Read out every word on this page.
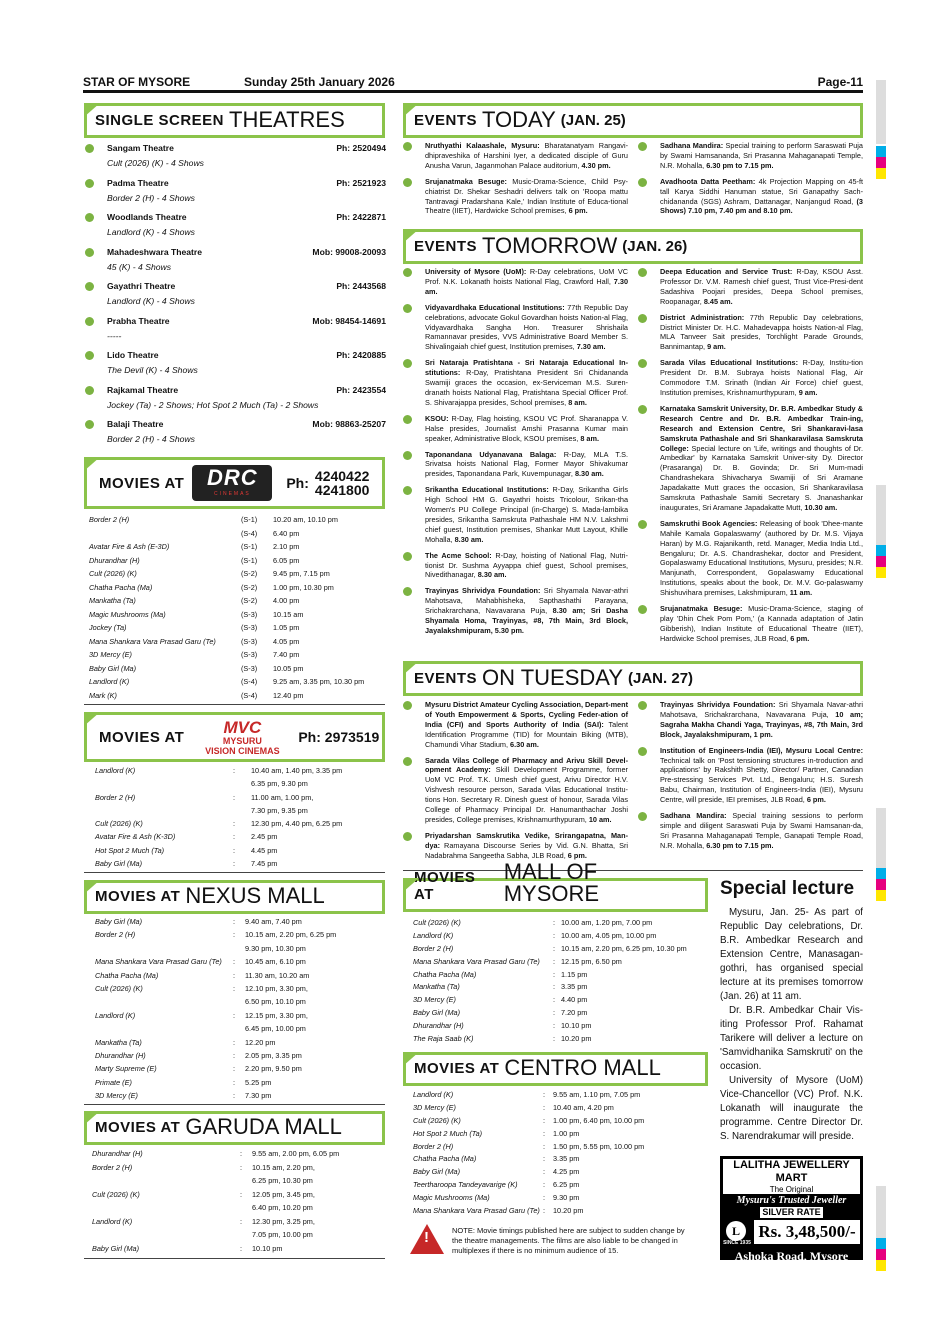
STAR OF MYSORE	Sunday 25th January 2026	Page-11
SINGLE SCREEN THEATRES
Sangam Theatre	Ph: 2520494
Cult (2026) (K) - 4 Shows
Padma Theatre	Ph: 2521923
Border 2 (H) - 4 Shows
Woodlands Theatre	Ph: 2422871
Landlord (K) - 4 Shows
Mahadeshwara Theatre	Mob: 99008-20093
45 (K) - 4 Shows
Gayathri Theatre	Ph: 2443568
Landlord (K) - 4 Shows
Prabha Theatre	Mob: 98454-14691
-----
Lido Theatre	Ph: 2420885
The Devil (K) - 4 Shows
Rajkamal Theatre	Ph: 2423554
Jockey (Ta) - 2 Shows; Hot Spot 2 Much (Ta) - 2 Shows
Balaji Theatre	Mob: 98863-25207
Border 2 (H) - 4 Shows
MOVIES AT	DRC
CINEMAS
Ph: 4240422
4241800
Border 2 (H)	(S-1) 10.20 am, 10.10 pm
(S-4) 6.40 pm
Avatar Fire & Ash (E-3D)	(S-1) 2.10 pm
Dhurandhar (H)	(S-1) 6.05 pm
Cult (2026) (K)	(S-2) 9.45 pm, 7.15 pm
Chatha Pacha (Ma)	(S-2) 1.00 pm, 10.30 pm
Mankatha (Ta)	(S-2) 4.00 pm
Magic Mushrooms (Ma)	(S-3) 10.15 am
Jockey (Ta)	(S-3) 1.05 pm
Mana Shankara Vara Prasad Garu (Te)	(S-3) 4.05 pm
3D Mercy (E)	(S-3) 7.40 pm
Baby Girl (Ma)	(S-3) 10.05 pm
Landlord (K)	(S-4) 9.25 am, 3.35 pm, 10.30 pm
Mark (K)	(S-4) 12.40 pm
MOVIES AT
MVC
MYSURU
VISION CINEMAS
Ph: 2973519
Landlord (K)	: 10.40 am, 1.40 pm, 3.35 pm
6.35 pm, 9.30 pm
Border 2 (H)	: 11.00 am, 1.00 pm,
7.30 pm, 9.35 pm
Cult (2026) (K)	: 12.30 pm, 4.40 pm, 6.25 pm
Avatar Fire & Ash (K-3D)	: 2.45 pm
Hot Spot 2 Much (Ta)	: 4.45 pm
Baby Girl (Ma)	: 7.45 pm
MOVIES AT NEXUS MALL
Baby Girl (Ma)	: 9.40 am, 7.40 pm
Border 2 (H)	: 10.15 am, 2.20 pm, 6.25 pm
9.30 pm, 10.30 pm
Mana Shankara Vara Prasad Garu (Te) : 10.45 am, 6.10 pm
Chatha Pacha (Ma)	: 11.30 am, 10.20 am
Cult (2026) (K)	: 12.10 pm, 3.30 pm,
6.50 pm, 10.10 pm
Landlord (K)	: 12.15 pm, 3.30 pm,
6.45 pm, 10.00 pm
Mankatha (Ta)	: 12.20 pm
Dhurandhar (H)	: 2.05 pm, 3.35 pm
Marty Supreme (E)	: 2.20 pm, 9.50 pm
Primate (E)	: 5.25 pm
3D Mercy (E)	: 7.30 pm
MOVIES AT GARUDA MALL
Dhurandhar (H)	: 9.55 am, 2.00 pm, 6.05 pm
Border 2 (H)	: 10.15 am, 2.20 pm,
6.25 pm, 10.30 pm
Cult (2026) (K)	: 12.05 pm, 3.45 pm,
6.40 pm, 10.20 pm
Landlord (K)	: 12.30 pm, 3.25 pm,
7.05 pm, 10.00 pm
Baby Girl (Ma)	: 10.10 pm
EVENTS TODAY (JAN. 25)
Nruthyathi Kalaashale, Mysuru: Bharatanatyam Rangavi-dhipraveshika of Harshini Iyer, a dedicated disciple of Guru Anusha Varun, Jaganmohan Palace auditorium, 4.30 pm.
Srujanatmaka Besuge: Music-Drama-Science, Child Psy-chiatrist Dr. Shekar Seshadri delivers talk on 'Roopa mattu Tantravagi Pradarshana Kale,' Indian Institute of Educa-tional Theatre (IIET), Hardwicke School premises, 6 pm.
Sadhana Mandira: Special training to perform Saraswati Puja by Swami Hamsananda, Sri Prasanna Mahaganapati Temple, N.R. Mohalla, 6.30 pm to 7.15 pm.
Avadhoota Datta Peetham: 4k Projection Mapping on 45-ft tall Karya Siddhi Hanuman statue, Sri Ganapathy Sach-chidananda (SGS) Ashram, Dattanagar, Nanjangud Road, (3 Shows) 7.10 pm, 7.40 pm and 8.10 pm.
EVENTS TOMORROW (JAN. 26)
University of Mysore (UoM): R-Day celebrations, UoM VC Prof. N.K. Lokanath hoists National Flag, Crawford Hall, 7.30 am.
Vidyavardhaka Educational Institutions: 77th Republic Day celebrations, advocate Gokul Govardhan hoists Nation-al Flag, Vidyavardhaka Sangha Hon. Treasurer Shrishaila Ramannavar presides, VVS Administrative Board Member S. Shivalingaiah chief guest, Institution premises, 7.30 am.
Sri Nataraja Pratishtana - Sri Nataraja Educational In-stitutions: R-Day, Pratishtana President Sri Chidananda Swamiji graces the occasion, ex-Serviceman M.S. Suren-dranath hoists National Flag, Pratishtana Special Officer Prof. S. Shivarajappa presides, School premises, 8 am.
KSOU: R-Day, Flag hoisting, KSOU VC Prof. Sharanappa V. Halse presides, Journalist Amshi Prasanna Kumar main speaker, Administrative Block, KSOU premises, 8 am.
Taponandana Udyanavana Balaga: R-Day, MLA T.S. Srivatsa hoists National Flag, Former Mayor Shivakumar presides, Taponandana Park, Kuvempunagar, 8.30 am.
Srikantha Educational Institutions: R-Day, Srikantha Girls High School HM G. Gayathri hoists Tricolour, Srikan-tha Women's PU College Principal (in-Charge) S. Mada-lambika presides, Srikantha Samskruta Pathashale HM N.V. Lakshmi chief guest, Institution premises, Shankar Mutt Layout, Khille Mohalla, 8.30 am.
The Acme School: R-Day, hoisting of National Flag, Nutri-tionist Dr. Sushma Ayyappa chief guest, School premises, Nivedithanagar, 8.30 am.
Trayinyas Shrividya Foundation: Sri Shyamala Navar-athri Mahotsava, Mahabhisheka, Sapthashathi Parayana, Srichakrarchana, Navavarana Puja, 8.30 am; Sri Dasha Shyamala Homa, Trayinyas, #8, 7th Main, 3rd Block, Jayalakshmipuram, 5.30 pm.
Deepa Education and Service Trust: R-Day, KSOU Asst. Professor Dr. V.M. Ramesh chief guest, Trust Vice-Presi-dent Sadashiva Poojari presides, Deepa School premises, Roopanagar, 8.45 am.
District Administration: 77th Republic Day celebrations, District Minister Dr. H.C. Mahadevappa hoists Nation-al Flag, MLA Tanveer Sait presides, Torchlight Parade Grounds, Bannimantap, 9 am.
Sarada Vilas Educational Institutions: R-Day, Institu-tion President Dr. B.M. Subraya hoists National Flag, Air Commodore T.M. Srinath (Indian Air Force) chief guest, Institution premises, Krishnamurthypuram, 9 am.
Karnataka Samskrit University, Dr. B.R. Ambedkar Study & Research Centre and Dr. B.R. Ambedkar Train-ing, Research and Extension Centre, Sri Shankaravi-lasa Samskruta Pathashale and Sri Shankaravilasa Samskruta College: Special lecture on 'Life, writings and thoughts of Dr. Ambedkar' by Karnataka Samskrit Univer-sity Dy. Director (Prasaranga) Dr. B. Govinda; Dr. Sri Mum-madi Chandrashekara Shivacharya Swamiji of Sri Aramane Japadakatte Mutt graces the occasion, Sri Shankaravilasa Samskruta Pathashale Samiti Secretary S. Jnanashankar inaugurates, Sri Aramane Japadakatte Mutt, 10.30 am.
Samskruthi Book Agencies: Releasing of book 'Dhee-mante Mahile Kamala Gopalaswamy' (authored by Dr. M.S. Vijaya Haran) by M.G. Rajanikanth, retd. Manager, Media India Ltd., Bengaluru; Dr. A.S. Chandrashekar, doctor and President, Gopalaswamy Educational Institutions, Mysuru, presides; N.R. Manjunath, Correspondent, Gopalaswamy Educational Institutions, speaks about the book, Dr. M.V. Go-palaswamy Shishuvihara premises, Lakshmipuram, 11 am.
Srujanatmaka Besuge: Music-Drama-Science, staging of play 'Dhin Chek Pom Pom,' (a Kannada adaptation of Jatin Gibberish), Indian Institute of Educational Theatre (IIET), Hardwicke School premises, JLB Road, 6 pm.
EVENTS ON TUESDAY (JAN. 27)
Mysuru District Amateur Cycling Association, Depart-ment of Youth Empowerment & Sports, Cycling Feder-ation of India (CFI) and Sports Authority of India (SAI): Talent Identification Programme (TID) for Mountain Biking (MTB), Chamundi Vihar Stadium, 6.30 am.
Sarada Vilas College of Pharmacy and Arivu Skill Devel-opment Academy: Skill Development Programme, former UoM VC Prof. T.K. Umesh chief guest, Arivu Director H.V. Vishvesh resource person, Sarada Vilas Educational Institu-tions Hon. Secretary R. Dinesh guest of honour, Sarada Vilas College of Pharmacy Principal Dr. Hanumanthachar Joshi presides, College premises, Krishnamurthypuram, 10 am.
Priyadarshan Samskrutika Vedike, Srirangapatna, Man-dya: Ramayana Discourse Series by Vid. G.N. Bhatta, Sri Nadabrahma Sangeetha Sabha, JLB Road, 6 pm.
Trayinyas Shrividya Foundation: Sri Shyamala Navar-athri Mahotsava, Srichakrarchana, Navavarana Puja, 10 am; Sagraha Makha Chandi Yaga, Trayinyas, #8, 7th Main, 3rd Block, Jayalakshmipuram, 1 pm.
Institution of Engineers-India (IEI), Mysuru Local Centre: Technical talk on 'Post tensioning structures in-troduction and applications' by Rakshith Shetty, Director/ Partner, Canadian Pre-stressing Services Pvt. Ltd., Bengaluru; H.S. Suresh Babu, Chairman, Institution of Engineers-India (IEI), Mysuru Centre, will preside, IEI premises, JLB Road, 6 pm.
Sadhana Mandira: Special training sessions to perform simple and diligent Saraswati Puja by Swami Hamsanan-da, Sri Prasanna Mahaganapati Temple, Ganapati Temple Road, N.R. Mohalla, 6.30 pm to 7.15 pm.
MOVIES AT
MALL OF MYSORE
Cult (2026) (K)	: 10.00 am, 1.20 pm, 7.00 pm
Landlord (K)	: 10.00 am, 4.05 pm, 10.00 pm
Border 2 (H)	: 10.15 am, 2.20 pm, 6.25 pm, 10.30 pm
Mana Shankara Vara Prasad Garu (Te) : 12.15 pm, 6.50 pm
Chatha Pacha (Ma)	: 1.15 pm
Mankatha (Ta)	: 3.35 pm
3D Mercy (E)	: 4.40 pm
Baby Girl (Ma)	: 7.20 pm
Dhurandhar (H)	: 10.10 pm
The Raja Saab (K)	: 10.20 pm
MOVIES AT CENTRO MALL
Landlord (K)	: 9.55 am, 1.10 pm, 7.05 pm
3D Mercy (E)	: 10.40 am, 4.20 pm
Cult (2026) (K)	: 1.00 pm, 6.40 pm, 10.00 pm
Hot Spot 2 Much (Ta)	: 1.00 pm
Border 2 (H)	: 1.50 pm, 5.55 pm, 10.00 pm
Chatha Pacha (Ma)	: 3.35 pm
Baby Girl (Ma)	: 4.25 pm
Teertharoopa Tandeyavarige (K)	: 6.25 pm
Magic Mushrooms (Ma)	: 9.30 pm
Mana Shankara Vara Prasad Garu (Te) : 10.20 pm
!	NOTE: Movie timings published here are subject to sudden change by the theatre managements. The films are also liable to be changed in multiplexes if there is no minimum audience of 15.
Special lecture

Mysuru, Jan. 25- As part of Republic Day celebrations, Dr. B.R. Ambedkar Research and Extension Centre, Manasagan-gothri, has organised special lecture at its premises tomorrow (Jan. 26) at 11 am.

Dr. B.R. Ambedkar Chair Vis-iting Professor Prof. Rahamat Tarikere will deliver a lecture on 'Samvidhanika Samskruti' on the occasion.

University of Mysore (UoM) Vice-Chancellor (VC) Prof. N.K. Lokanath will inaugurate the programme. Centre Director Dr. S. Narendrakumar will preside.

LALITHA JEWELLERY MART
The Original
Mysuru's Trusted Jeweller
SILVER RATE
L
SINCE 1935
Rs. 3,48,500/-
Ashoka Road, Mysore
0821-2442797 / 2525891
